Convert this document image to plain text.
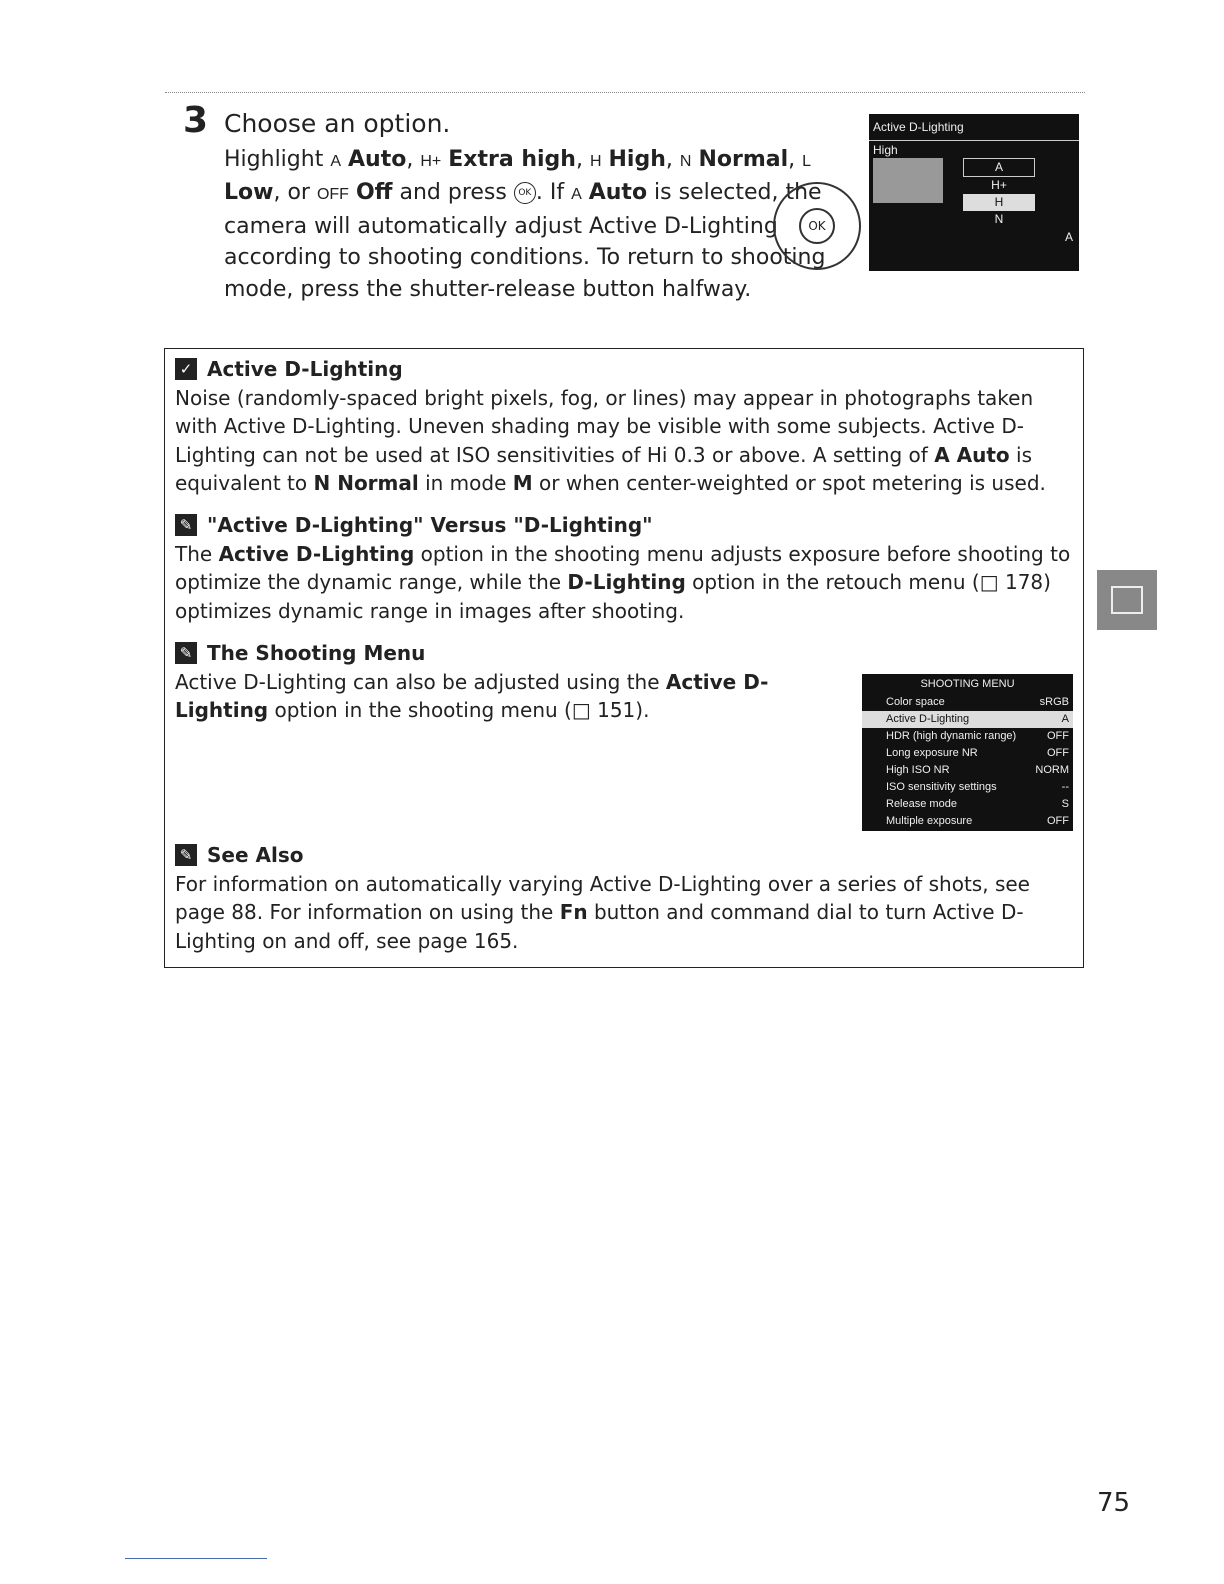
3 Choose an option.
Highlight A Auto, H+ Extra high, H High, N Normal, L Low, or OFF Off and press OK . If A Auto is selected, the camera will automatically adjust Active D-Lighting according to shooting conditions. To return to shooting mode, press the shutter-release button halfway.
OK
Active D-Lighting
High
A
H+
H
N
A
✓ Active D-Lighting

Noise (randomly-spaced bright pixels, fog, or lines) may appear in photographs taken with Active D-Lighting. Uneven shading may be visible with some subjects. Active D-Lighting can not be used at ISO sensitivities of Hi 0.3 or above. A setting of A Auto is equivalent to N Normal in mode M or when center-weighted or spot metering is used.

✎ "Active D-Lighting" Versus "D-Lighting"

The Active D-Lighting option in the shooting menu adjusts exposure before shooting to optimize the dynamic range, while the D-Lighting option in the retouch menu (□ 178) optimizes dynamic range in images after shooting.

✎ The Shooting Menu

Active D-Lighting can also be adjusted using the Active D-Lighting option in the shooting menu (□ 151).

✎ See Also

For information on automatically varying Active D-Lighting over a series of shots, see page 88. For information on using the Fn button and command dial to turn Active D-Lighting on and off, see page 165.

SHOOTING MENU
Color space	sRGB
Active D-Lighting	A
HDR (high dynamic range)	OFF
Long exposure NR	OFF
High ISO NR	NORM
ISO sensitivity settings	--
Release mode	S
Multiple exposure	OFF
75
